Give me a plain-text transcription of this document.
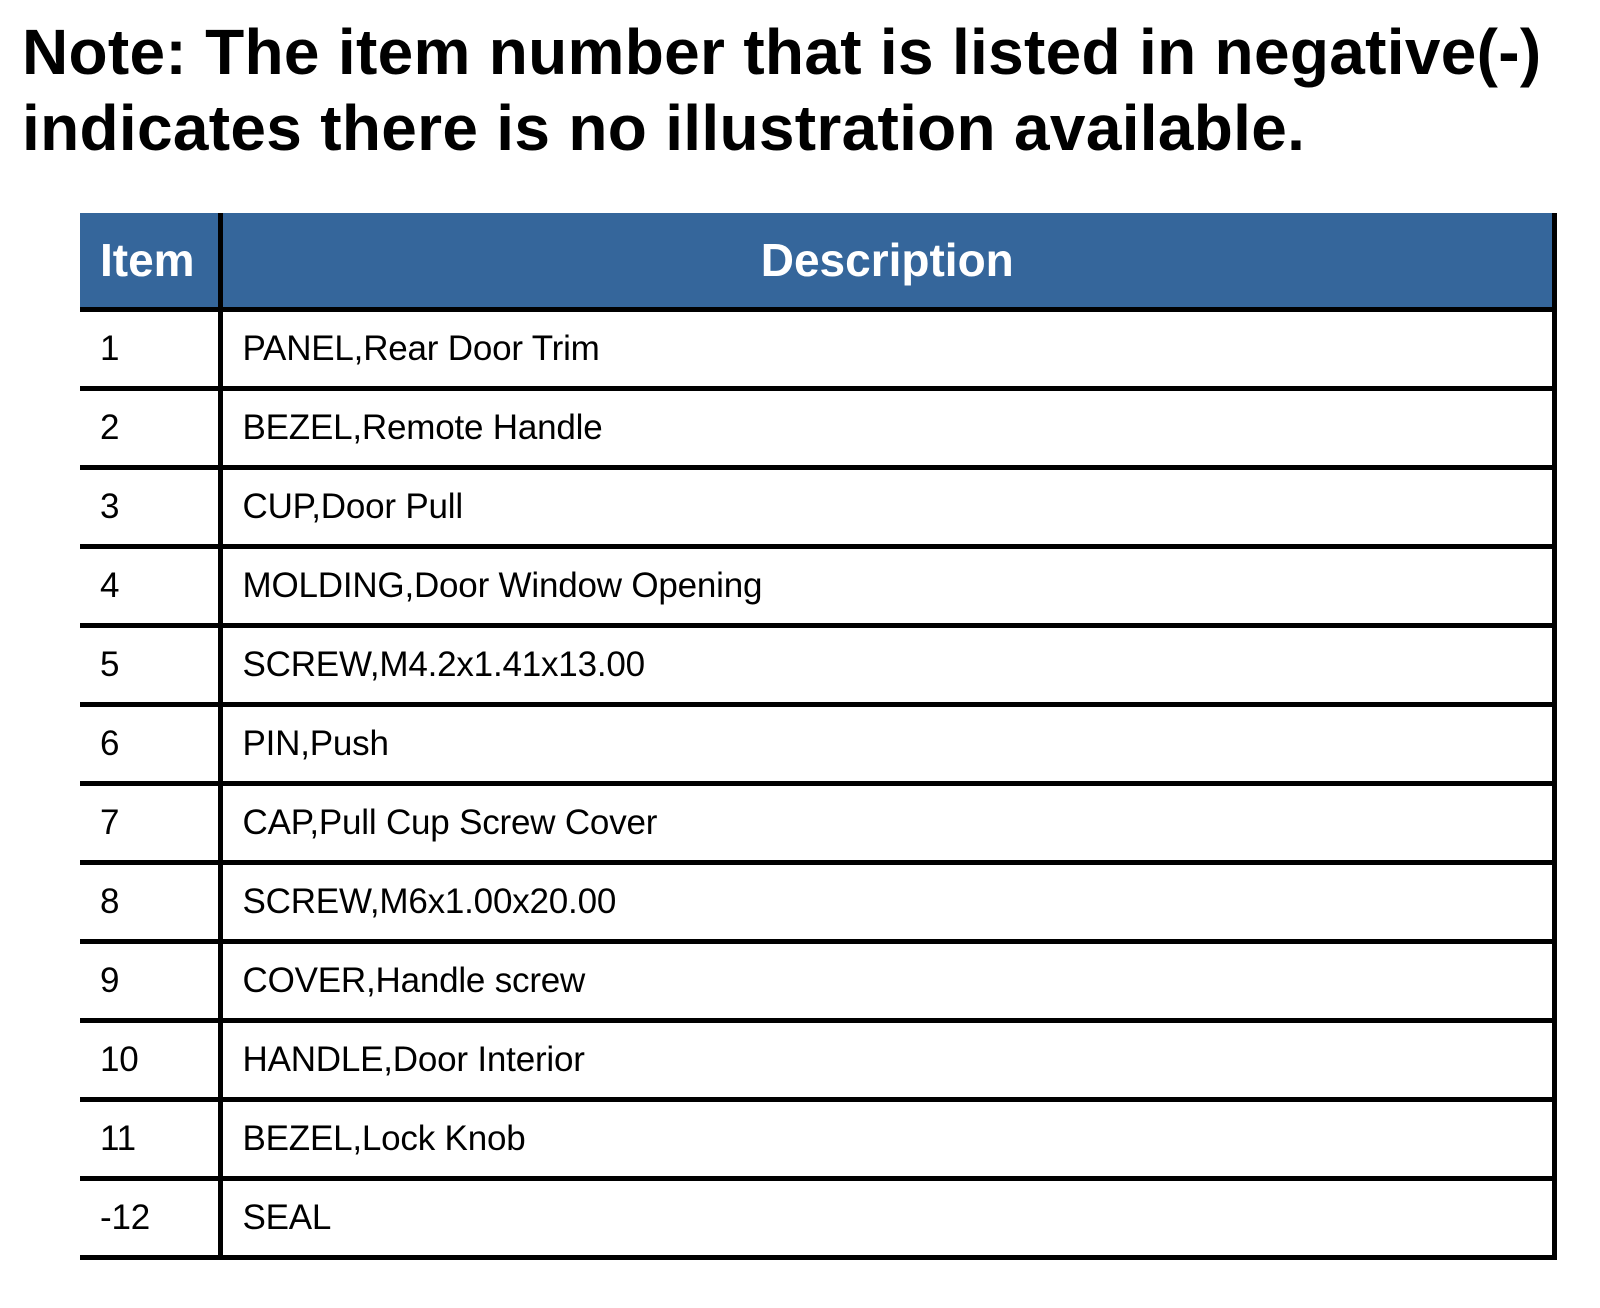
Note: The item number that is listed in negative(-)
indicates there is no illustration available.
Item	Description
1	PANEL,Rear Door Trim
2	BEZEL,Remote Handle
3	CUP,Door Pull
4	MOLDING,Door Window Opening
5	SCREW,M4.2x1.41x13.00
6	PIN,Push
7	CAP,Pull Cup Screw Cover
8	SCREW,M6x1.00x20.00
9	COVER,Handle screw
10	HANDLE,Door Interior
11	BEZEL,Lock Knob
-12	SEAL
